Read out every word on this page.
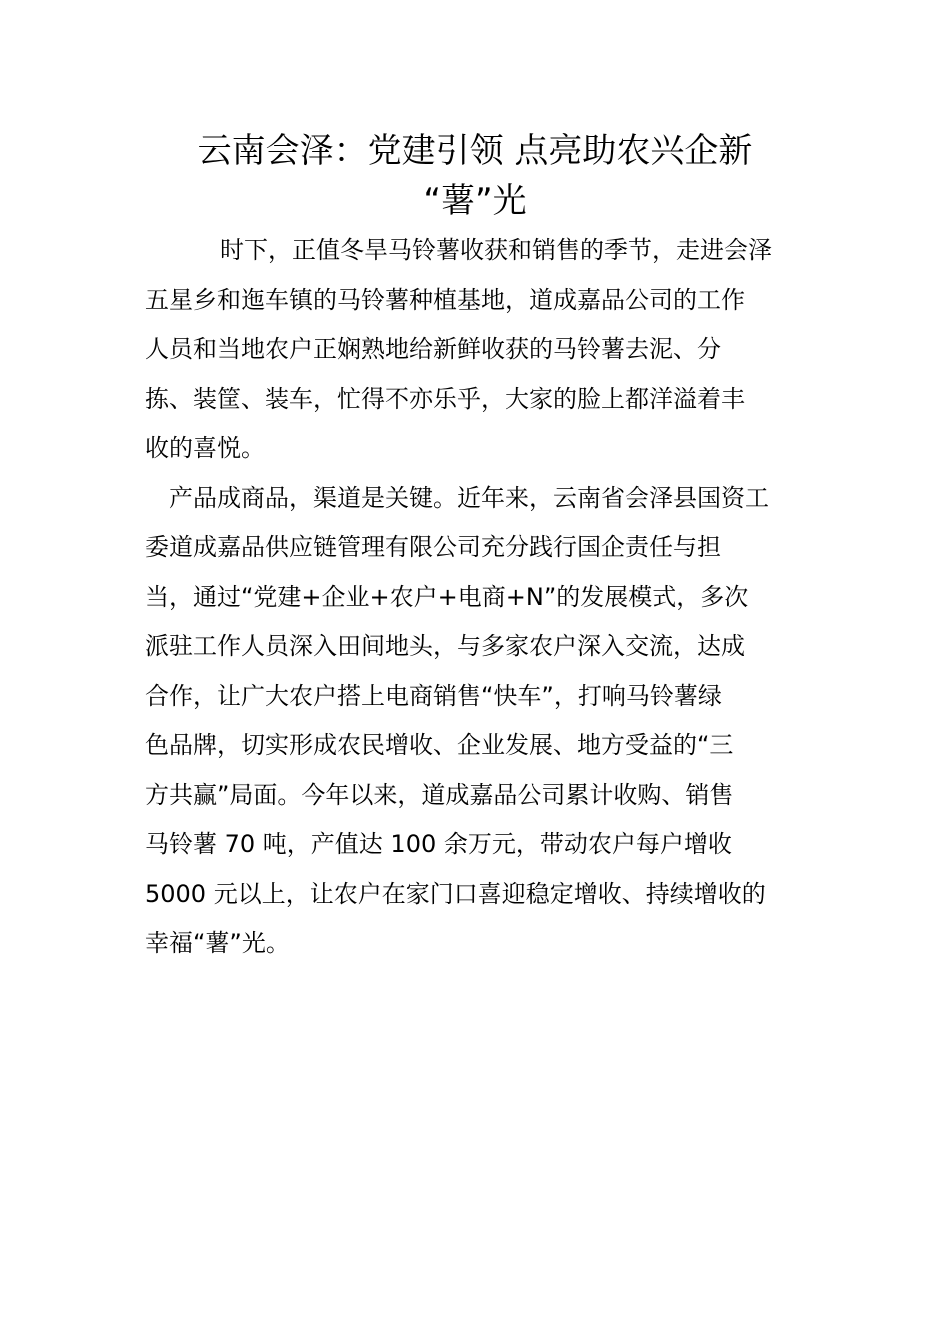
云南会泽：党建引领 点亮助农兴企新
“薯”光
时下，正值冬旱马铃薯收获和销售的季节，走进会泽
五星乡和迤车镇的马铃薯种植基地，道成嘉品公司的工作
人员和当地农户正娴熟地给新鲜收获的马铃薯去泥、分
拣、装筐、装车，忙得不亦乐乎，大家的脸上都洋溢着丰
收的喜悦。
产品成商品，渠道是关键。近年来，云南省会泽县国资工
委道成嘉品供应链管理有限公司充分践行国企责任与担
当，通过“党建+企业+农户+电商+N”的发展模式，多次
派驻工作人员深入田间地头，与多家农户深入交流，达成
合作，让广大农户搭上电商销售“快车”，打响马铃薯绿
色品牌，切实形成农民增收、企业发展、地方受益的“三
方共赢”局面。今年以来，道成嘉品公司累计收购、销售
马铃薯 70 吨，产值达 100 余万元，带动农户每户增收
5000 元以上，让农户在家门口喜迎稳定增收、持续增收的
幸福“薯”光。
